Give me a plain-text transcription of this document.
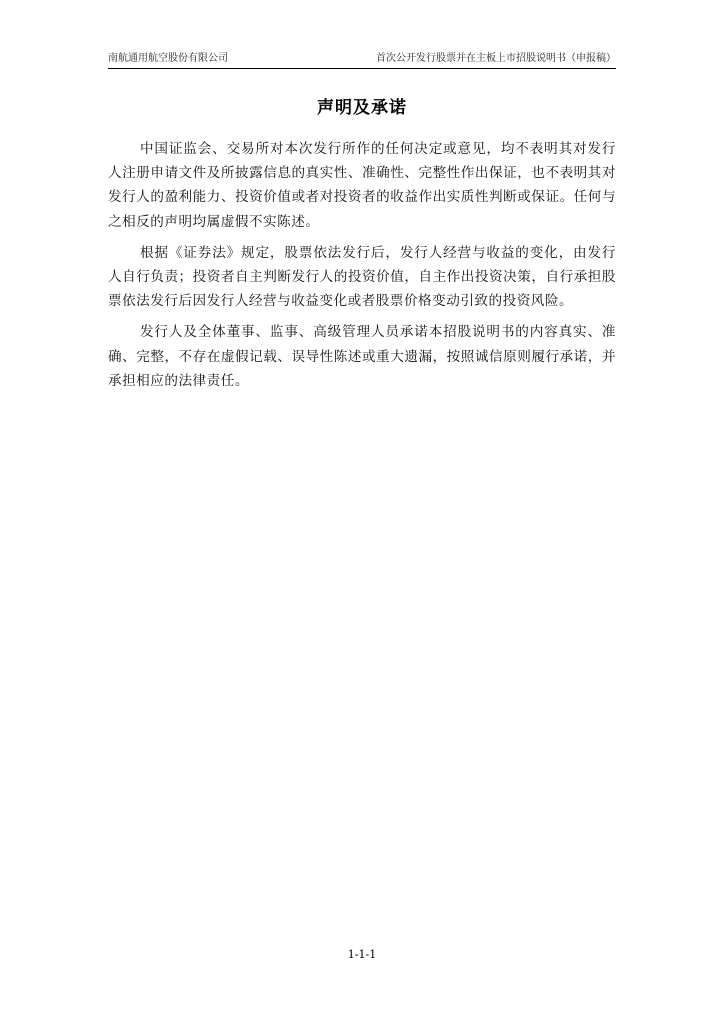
南航通用航空股份有限公司	首次公开发行股票并在主板上市招股说明书（申报稿）
声明及承诺

中国证监会、交易所对本次发行所作的任何决定或意见，均不表明其对发行人注册申请文件及所披露信息的真实性、准确性、完整性作出保证，也不表明其对发行人的盈利能力、投资价值或者对投资者的收益作出实质性判断或保证。任何与之相反的声明均属虚假不实陈述。

根据《证券法》规定，股票依法发行后，发行人经营与收益的变化，由发行人自行负责；投资者自主判断发行人的投资价值，自主作出投资决策，自行承担股票依法发行后因发行人经营与收益变化或者股票价格变动引致的投资风险。

发行人及全体董事、监事、高级管理人员承诺本招股说明书的内容真实、准确、完整，不存在虚假记载、误导性陈述或重大遗漏，按照诚信原则履行承诺，并承担相应的法律责任。

1-1-1
